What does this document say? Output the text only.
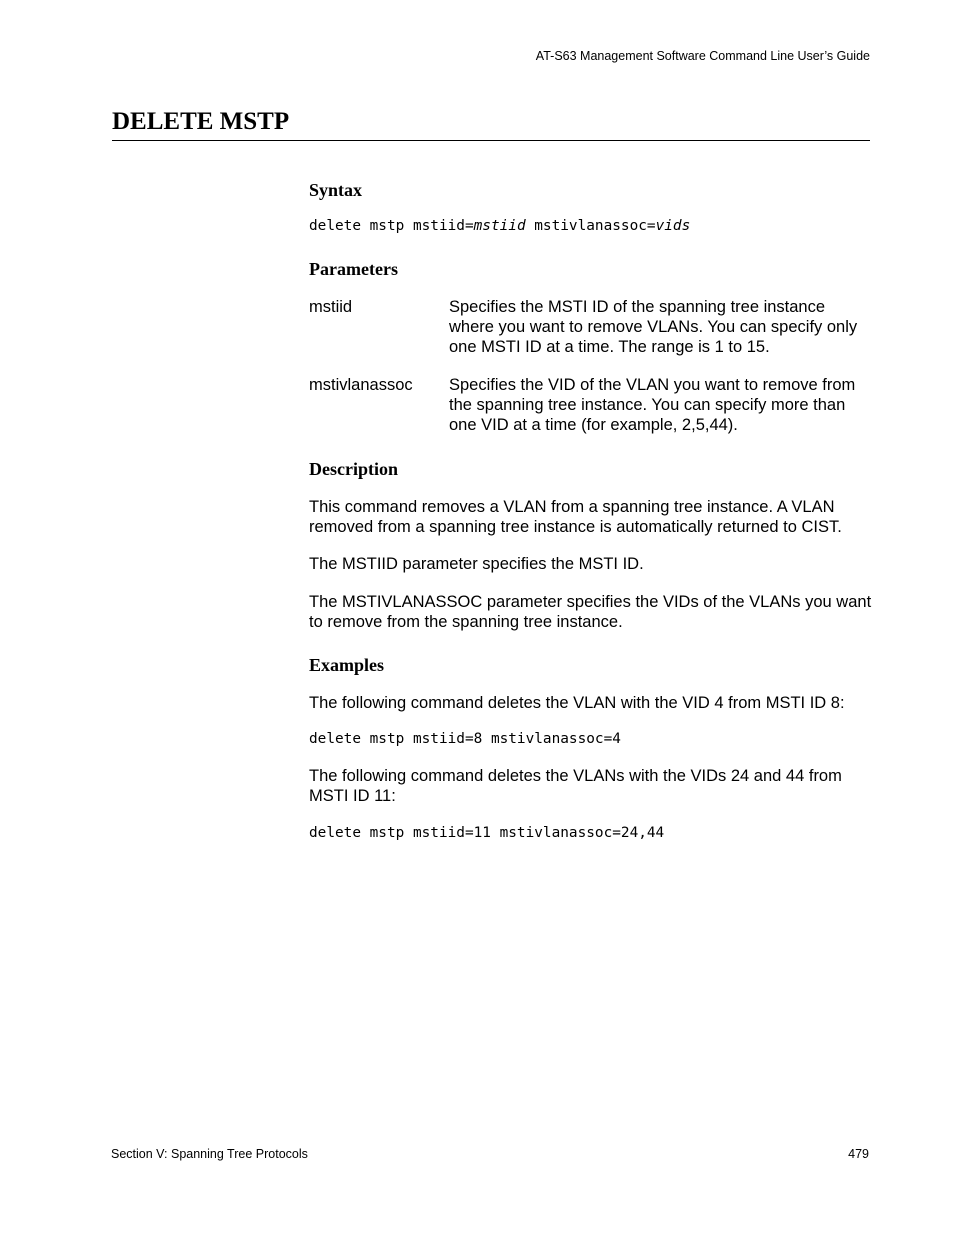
AT-S63 Management Software Command Line User’s Guide
DELETE MSTP
Syntax
delete mstp mstiid=mstiid mstivlanassoc=vids
Parameters
mstiid	Specifies the MSTI ID of the spanning tree instance where you want to remove VLANs. You can specify only one MSTI ID at a time. The range is 1 to 15.
mstivlanassoc Specifies the VID of the VLAN you want to remove from the spanning tree instance. You can specify more than one VID at a time (for example, 2,5,44).
Description
This command removes a VLAN from a spanning tree instance. A VLAN removed from a spanning tree instance is automatically returned to CIST.
The MSTIID parameter specifies the MSTI ID.
The MSTIVLANASSOC parameter specifies the VIDs of the VLANs you want to remove from the spanning tree instance.
Examples
The following command deletes the VLAN with the VID 4 from MSTI ID 8:
delete mstp mstiid=8 mstivlanassoc=4
The following command deletes the VLANs with the VIDs 24 and 44 from MSTI ID 11:
delete mstp mstiid=11 mstivlanassoc=24,44
Section V: Spanning Tree Protocols	479
